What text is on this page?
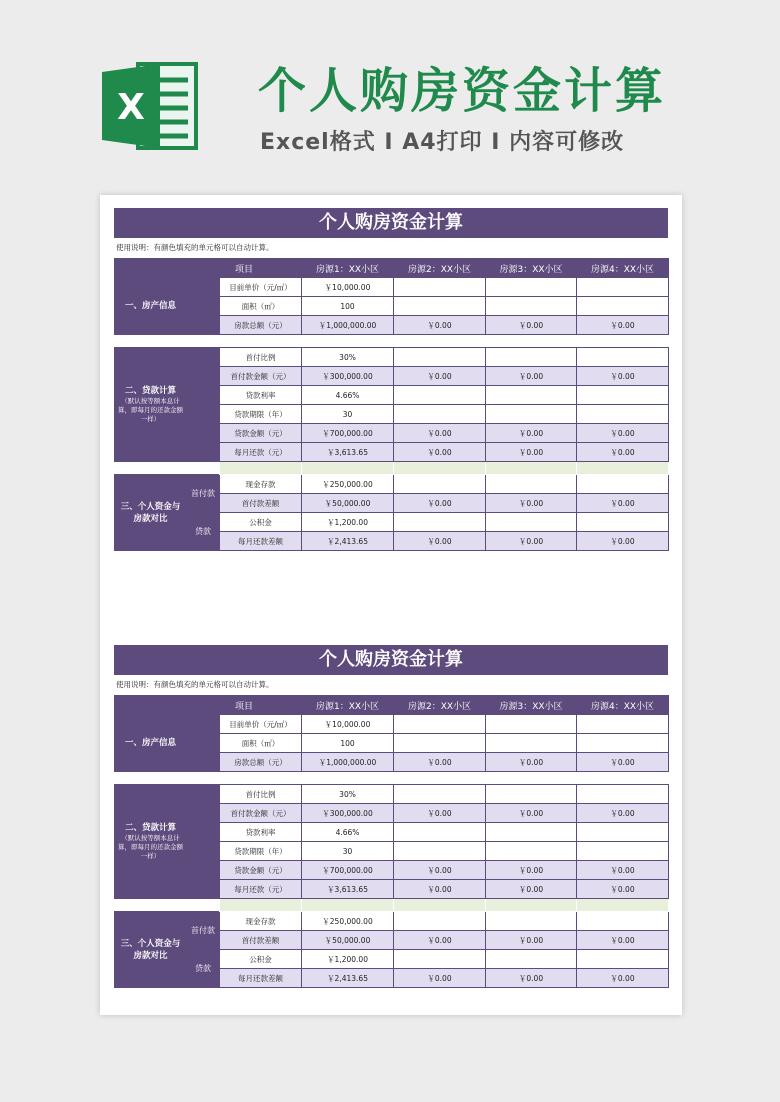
X 个人购房资金计算
Excel格式 I A4打印 I 内容可修改
个人购房资金计算
使用说明：有颜色填充的单元格可以自动计算。
	项目		房源1：XX小区	房源2：XX小区	房源3：XX小区	房源4：XX小区
一、房产信息		目前单价（元/㎡）	￥10,000.00			
		面积（㎡）	100			
		房款总额（元）	￥1,000,000.00	￥0.00	￥0.00	￥0.00

二、贷款计算
（默认按等额本息计算，即每月的还款金额一样）		首付比例	30%			
		首付款金额（元）	￥300,000.00	￥0.00	￥0.00	￥0.00
		贷款利率	4.66%			
		贷款期限（年）	30			
		贷款金额（元）	￥700,000.00	￥0.00	￥0.00	￥0.00
		每月还款（元）	￥3,613.65	￥0.00	￥0.00	￥0.00

三、个人资金与房款对比	首付款	现金存款	￥250,000.00			
		首付款差额	￥50,000.00	￥0.00	￥0.00	￥0.00
	贷款	公积金	￥1,200.00			
		每月还款差额	￥2,413.65	￥0.00	￥0.00	￥0.00
个人购房资金计算
使用说明：有颜色填充的单元格可以自动计算。
	项目		房源1：XX小区	房源2：XX小区	房源3：XX小区	房源4：XX小区
一、房产信息		目前单价（元/㎡）	￥10,000.00			
		面积（㎡）	100			
		房款总额（元）	￥1,000,000.00	￥0.00	￥0.00	￥0.00

二、贷款计算
（默认按等额本息计算，即每月的还款金额一样）		首付比例	30%			
		首付款金额（元）	￥300,000.00	￥0.00	￥0.00	￥0.00
		贷款利率	4.66%			
		贷款期限（年）	30			
		贷款金额（元）	￥700,000.00	￥0.00	￥0.00	￥0.00
		每月还款（元）	￥3,613.65	￥0.00	￥0.00	￥0.00

三、个人资金与房款对比	首付款	现金存款	￥250,000.00			
		首付款差额	￥50,000.00	￥0.00	￥0.00	￥0.00
	贷款	公积金	￥1,200.00			
		每月还款差额	￥2,413.65	￥0.00	￥0.00	￥0.00
